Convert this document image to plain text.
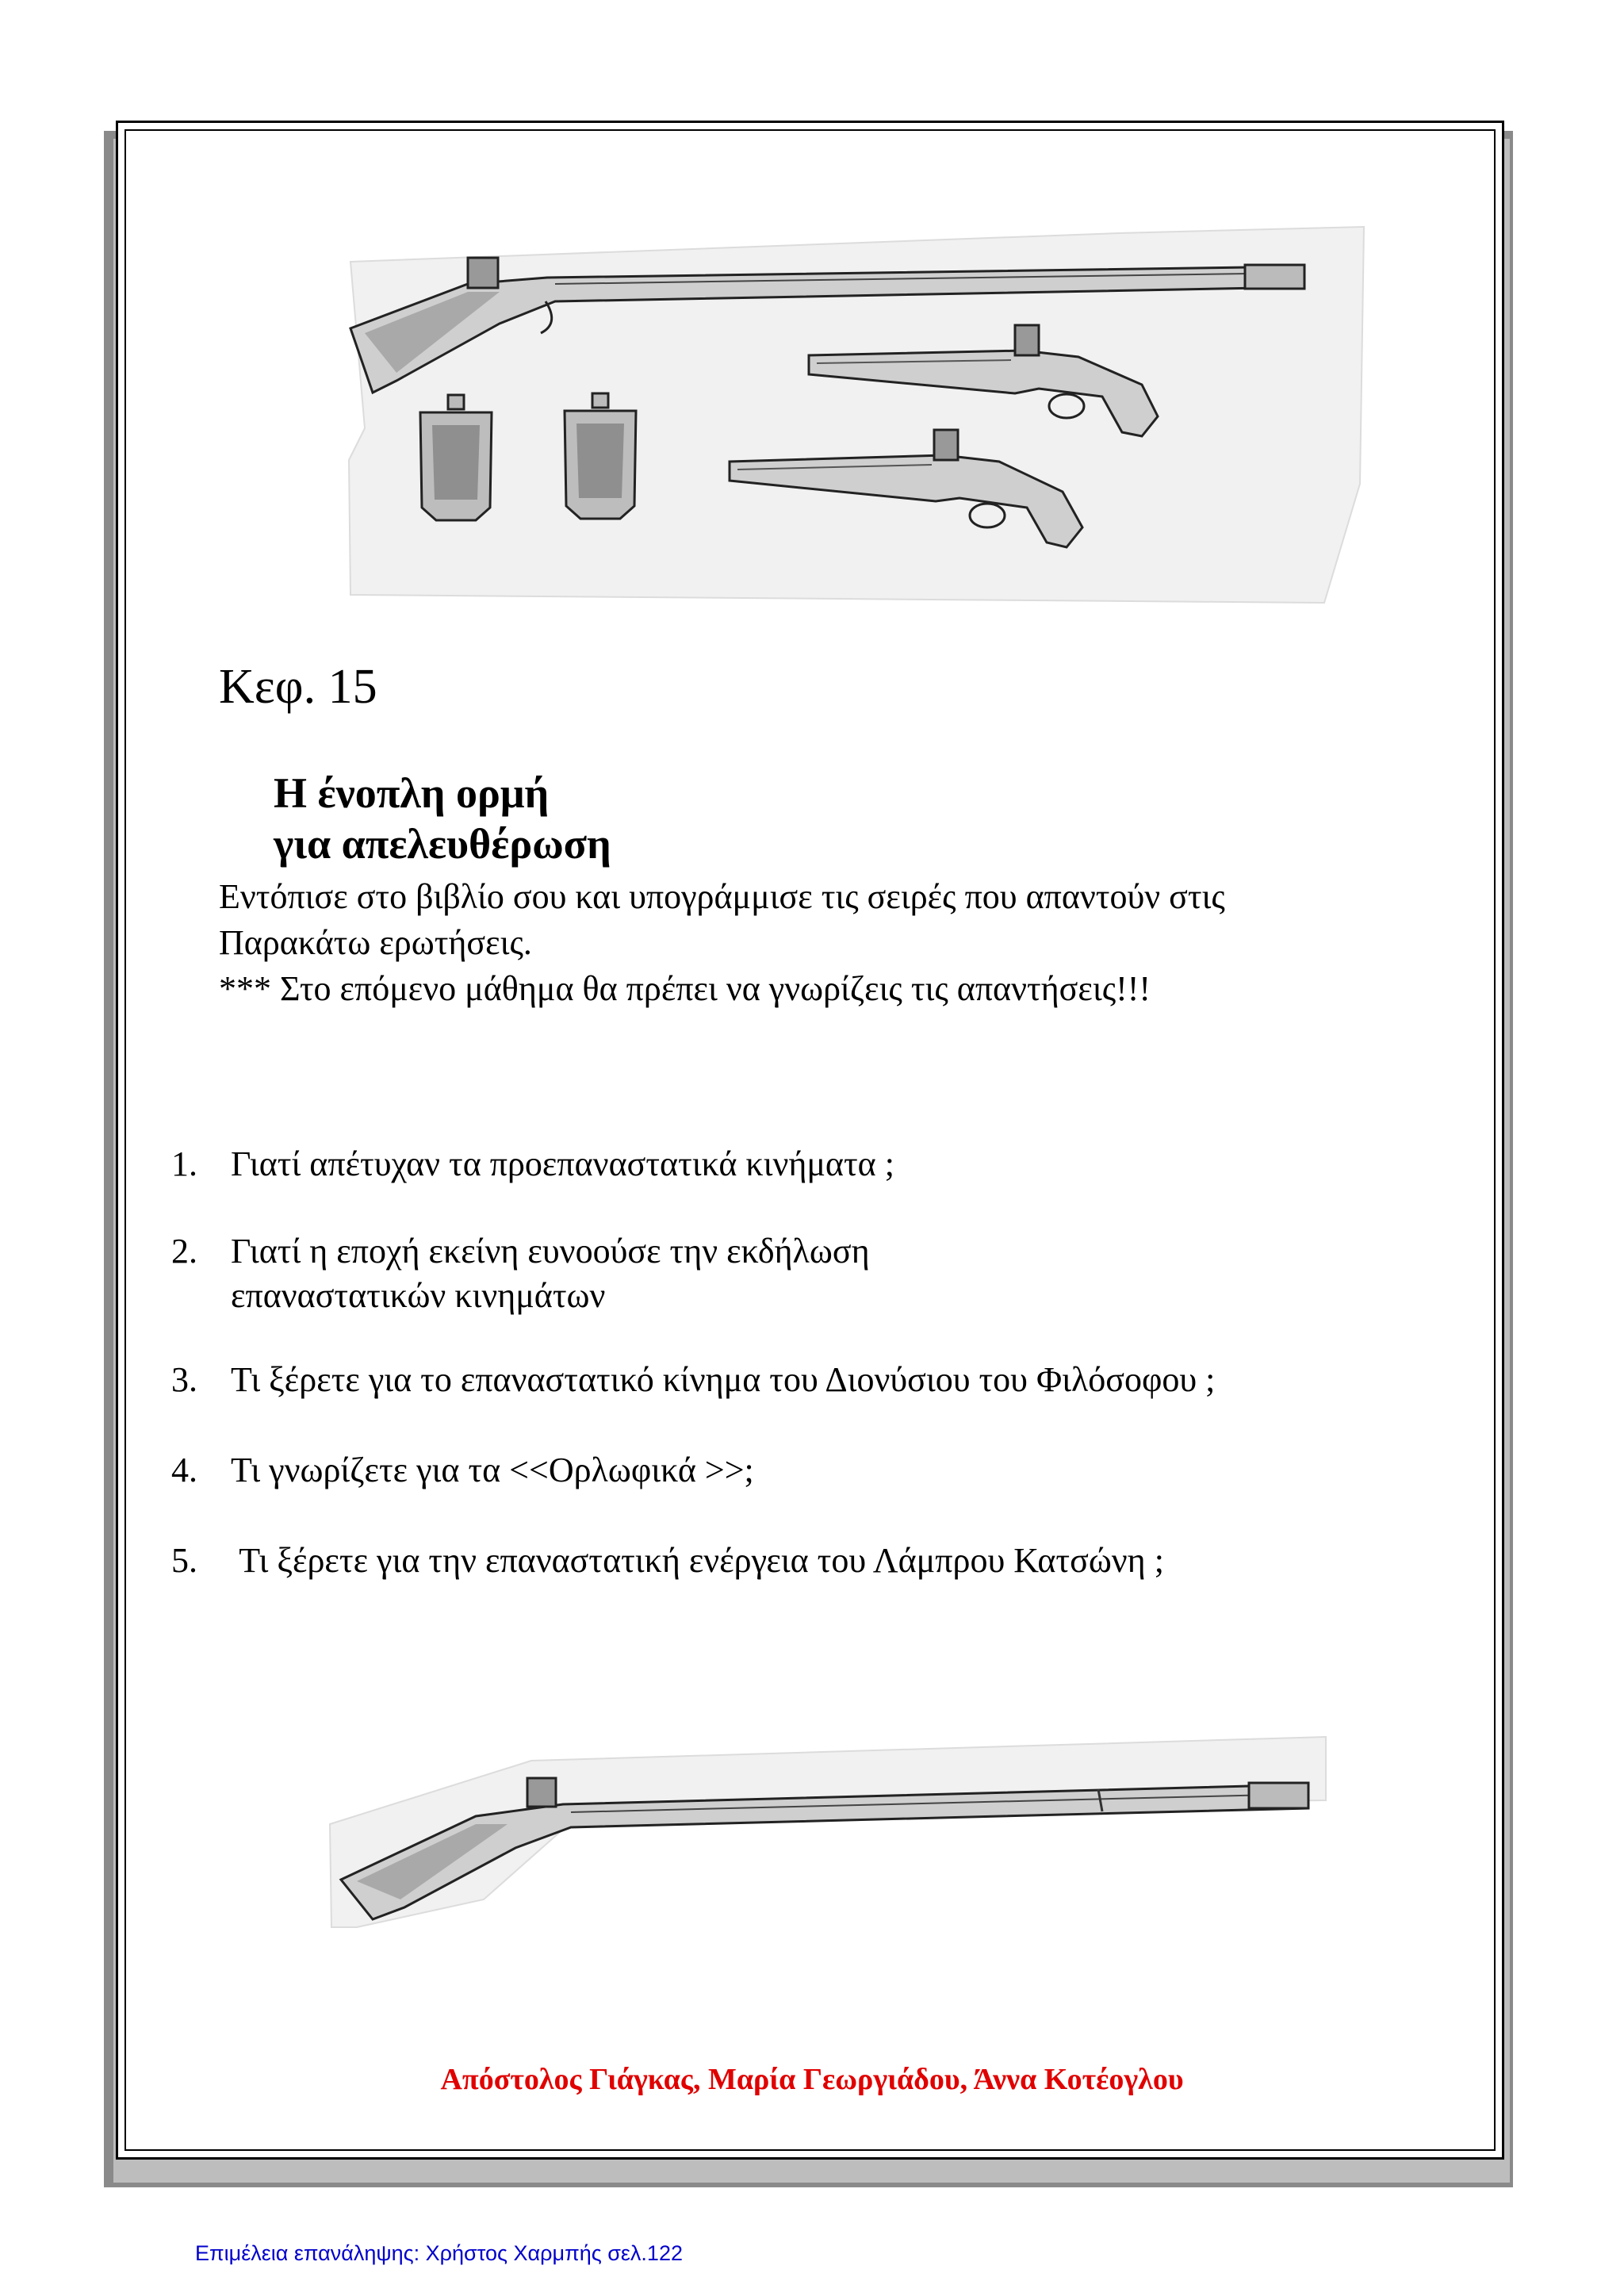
Κεφ. 15
Η ένοπλη ορμή
για απελευθέρωση
Εντόπισε στο βιβλίο σου και υπογράμμισε τις σειρές που απαντούν στις
Παρακάτω ερωτήσεις.
*** Στο επόμενο μάθημα θα πρέπει να γνωρίζεις τις απαντήσεις!!!
1. Γιατί απέτυχαν τα προεπαναστατικά κινήματα ;
2. Γιατί η εποχή εκείνη ευνοούσε την εκδήλωση
επαναστατικών κινημάτων
3. Τι ξέρετε για το επαναστατικό κίνημα του Διονύσιου του Φιλόσοφου ;
4. Τι γνωρίζετε για τα <<Ορλωφικά >>;
5. Τι ξέρετε για την επαναστατική ενέργεια του Λάμπρου Κατσώνη ;
Απόστολος Γιάγκας, Μαρία Γεωργιάδου, Άννα Κοτέογλου
Επιμέλεια επανάληψης: Χρήστος Χαρμπής σελ.122
